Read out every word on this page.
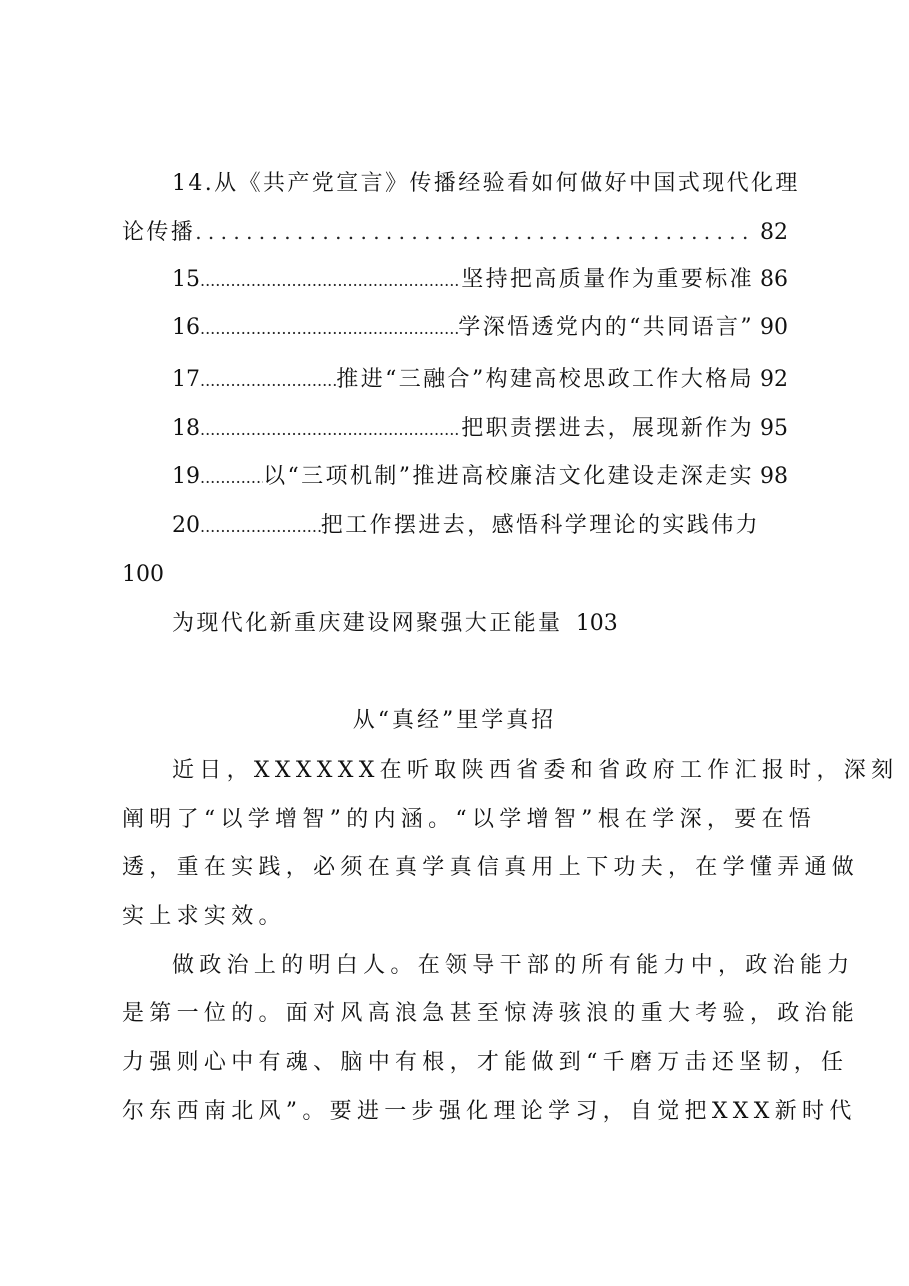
14.从《共产党宣言》传播经验看如何做好中国式现代化理
论传播 . . .	82
15 .....	坚持把高质量作为重要标准 86
16 .....	学深悟透党内的“共同语言” 90
17 .....	推进“三融合”构建高校思政工作大格局 92
18 .....	把职责摆进去，展现新作为 95
19 .....	以“三项机制”推进高校廉洁文化建设走深走实 98
20 .....	把工作摆进去，感悟科学理论的实践伟力
100
为现代化新重庆建设网聚强大正能量 103
从“真经”里学真招
近日，XXXXXX在听取陕西省委和省政府工作汇报时，深刻
阐明了“以学增智”的内涵。“以学增智”根在学深，要在悟
透，重在实践，必须在真学真信真用上下功夫，在学懂弄通做
实上求实效。
做政治上的明白人。在领导干部的所有能力中，政治能力
是第一位的。面对风高浪急甚至惊涛骇浪的重大考验，政治能
力强则心中有魂、脑中有根，才能做到“千磨万击还坚韧，任
尔东西南北风”。要进一步强化理论学习，自觉把XXX新时代
